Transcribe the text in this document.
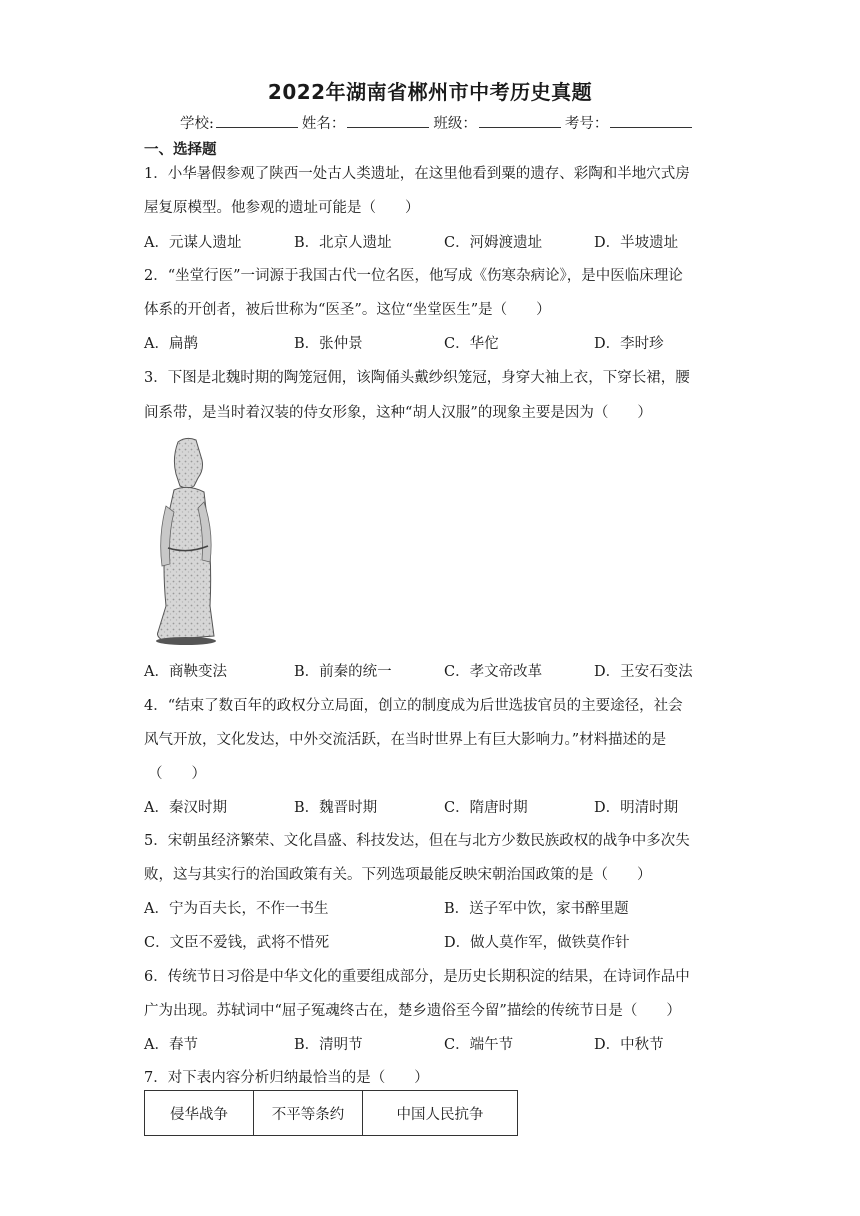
2022年湖南省郴州市中考历史真题
学校:	姓名：	班级：	考号：
一、选择题
1．小华暑假参观了陕西一处古人类遗址，在这里他看到粟的遗存、彩陶和半地穴式房
屋复原模型。他参观的遗址可能是（　　）
A．元谋人遗址	B．北京人遗址	C．河姆渡遗址	D．半坡遗址
2．“坐堂行医”一词源于我国古代一位名医，他写成《伤寒杂病论》，是中医临床理论
体系的开创者，被后世称为“医圣”。这位“坐堂医生”是（　　）
A．扁鹊	B．张仲景	C．华佗	D．李时珍
3．下图是北魏时期的陶笼冠佣，该陶俑头戴纱织笼冠，身穿大袖上衣，下穿长裙，腰
间系带，是当时着汉装的侍女形象，这种“胡人汉服”的现象主要是因为（　　）
A．商鞅变法	B．前秦的统一	C．孝文帝改革	D．王安石变法
4．“结束了数百年的政权分立局面，创立的制度成为后世选拔官员的主要途径，社会
风气开放，文化发达，中外交流活跃，在当时世界上有巨大影响力。”材料描述的是
（　　）
A．秦汉时期	B．魏晋时期	C．隋唐时期	D．明清时期
5．宋朝虽经济繁荣、文化昌盛、科技发达，但在与北方少数民族政权的战争中多次失
败，这与其实行的治国政策有关。下列选项最能反映宋朝治国政策的是（　　）
A．宁为百夫长，不作一书生	B．送子军中饮，家书醉里题
C．文臣不爱钱，武将不惜死	D．做人莫作军，做铁莫作针
6．传统节日习俗是中华文化的重要组成部分，是历史长期积淀的结果，在诗词作品中
广为出现。苏轼词中“屈子冤魂终古在，楚乡遗俗至今留”描绘的传统节日是（　　）
A．春节	B．清明节	C．端午节	D．中秋节
7．对下表内容分析归纳最恰当的是（　　）
侵华战争	不平等条约	中国人民抗争
